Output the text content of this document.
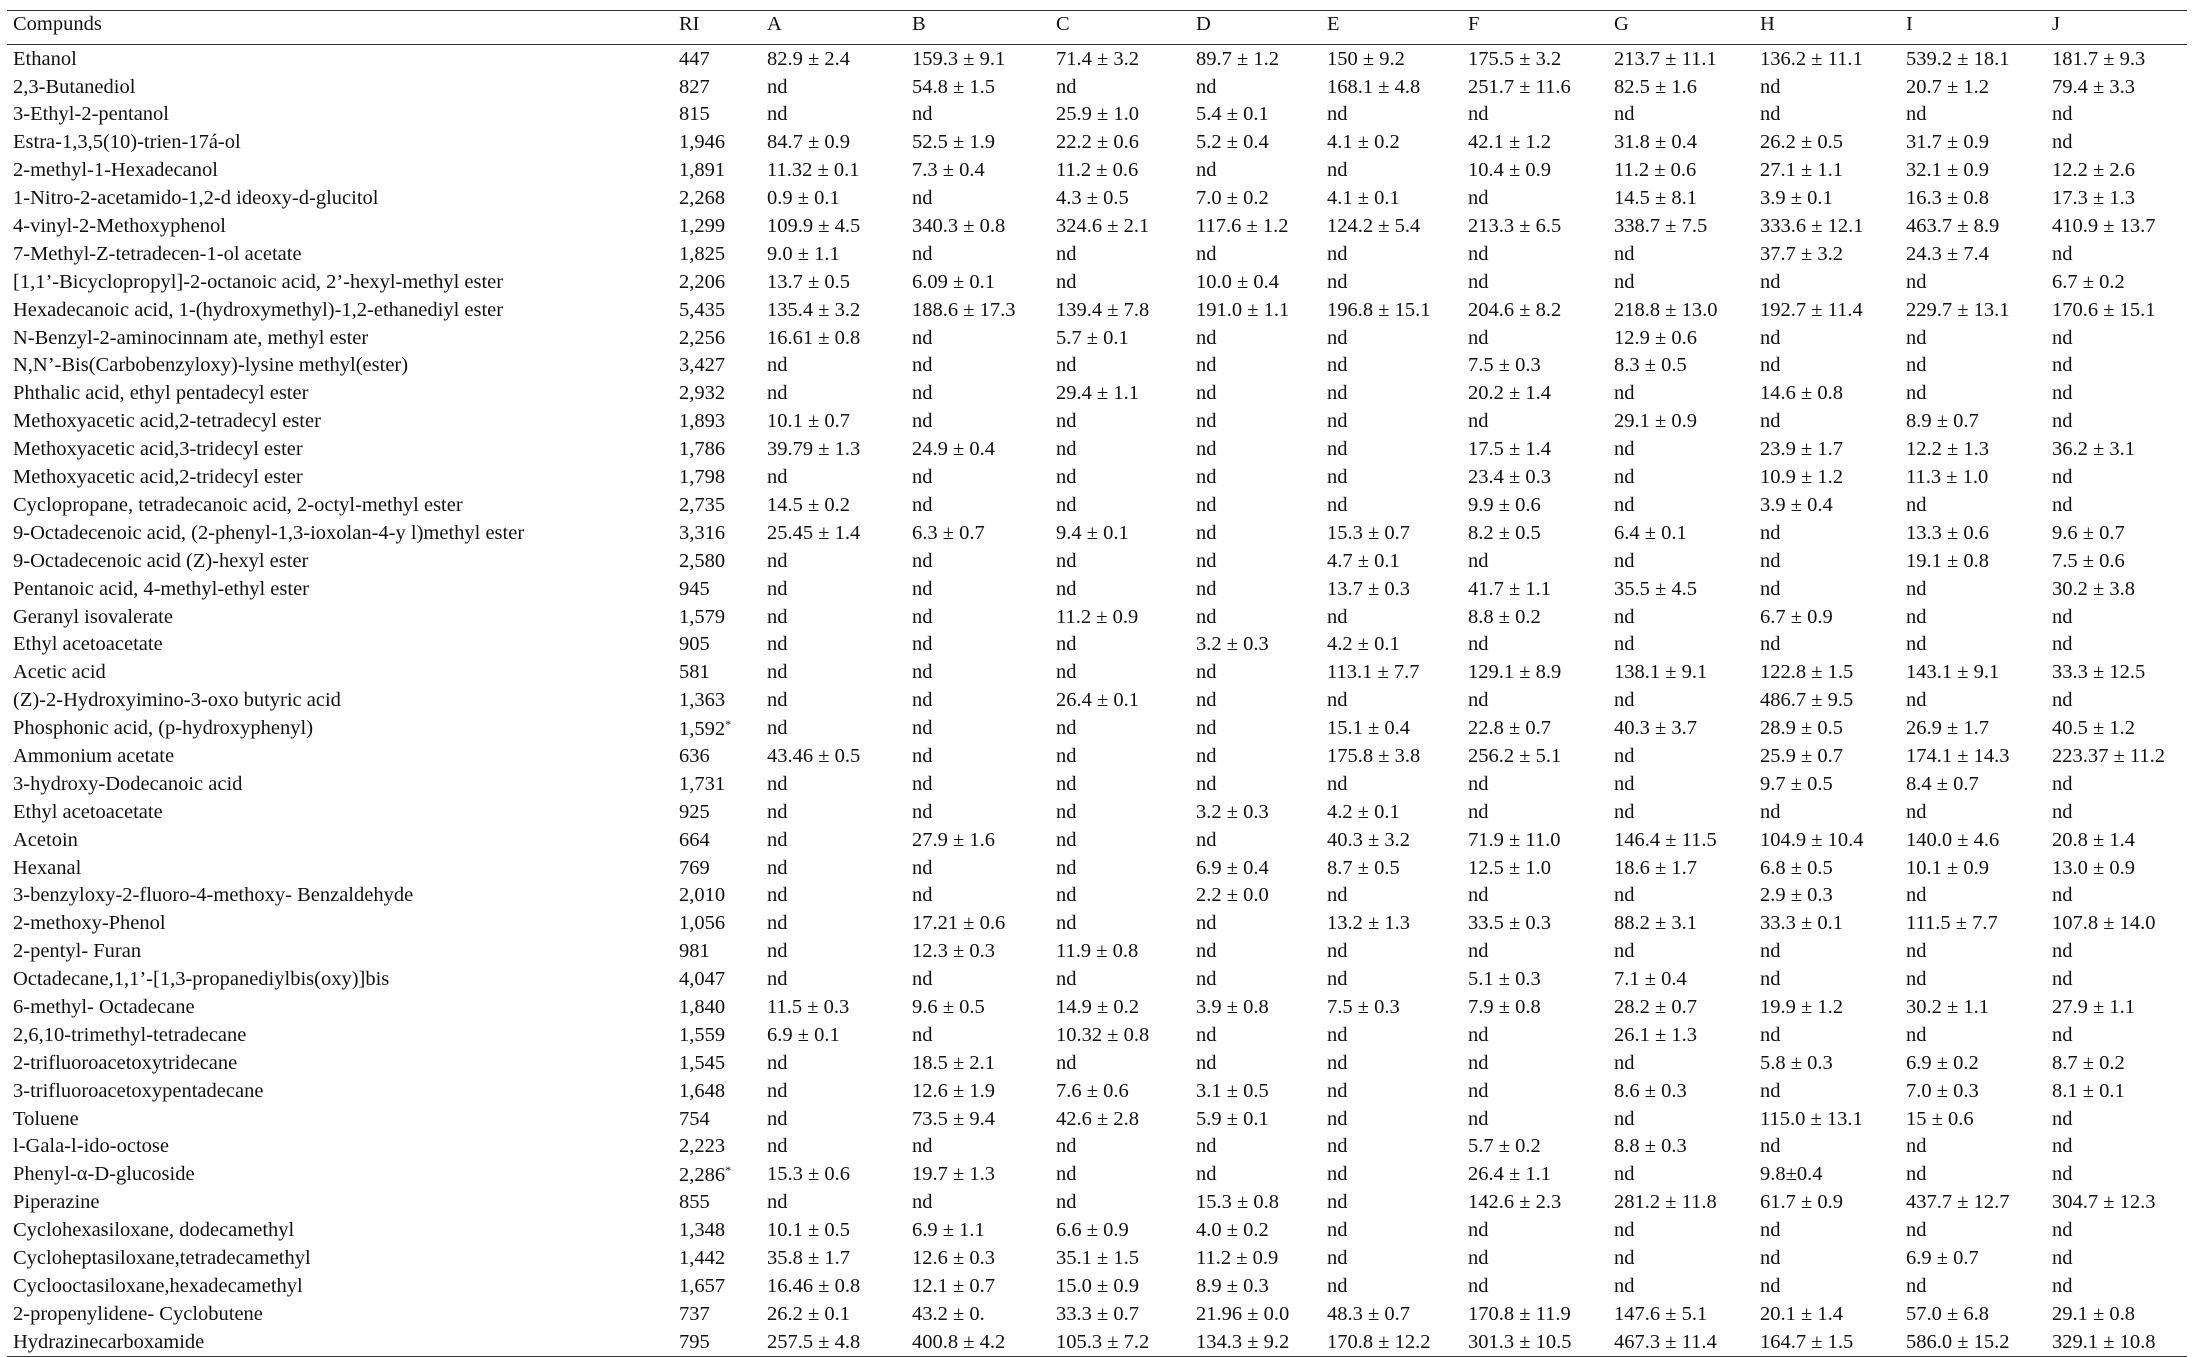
Compunds	RI	A	B	C	D	E	F	G	H	I	J
Ethanol	447	82.9 ± 2.4	159.3 ± 9.1	71.4 ± 3.2	89.7 ± 1.2	150 ± 9.2	175.5 ± 3.2	213.7 ± 11.1	136.2 ± 11.1	539.2 ± 18.1	181.7 ± 9.3
2,3-Butanediol	827	nd	54.8 ± 1.5	nd	nd	168.1 ± 4.8	251.7 ± 11.6	82.5 ± 1.6	nd	20.7 ± 1.2	79.4 ± 3.3
3-Ethyl-2-pentanol	815	nd	nd	25.9 ± 1.0	5.4 ± 0.1	nd	nd	nd	nd	nd	nd
Estra-1,3,5(10)-trien-17á-ol	1,946	84.7 ± 0.9	52.5 ± 1.9	22.2 ± 0.6	5.2 ± 0.4	4.1 ± 0.2	42.1 ± 1.2	31.8 ± 0.4	26.2 ± 0.5	31.7 ± 0.9	nd
2-methyl-1-Hexadecanol	1,891	11.32 ± 0.1	7.3 ± 0.4	11.2 ± 0.6	nd	nd	10.4 ± 0.9	11.2 ± 0.6	27.1 ± 1.1	32.1 ± 0.9	12.2 ± 2.6
1-Nitro-2-acetamido-1,2-d ideoxy-d-glucitol	2,268	0.9 ± 0.1	nd	4.3 ± 0.5	7.0 ± 0.2	4.1 ± 0.1	nd	14.5 ± 8.1	3.9 ± 0.1	16.3 ± 0.8	17.3 ± 1.3
4-vinyl-2-Methoxyphenol	1,299	109.9 ± 4.5	340.3 ± 0.8	324.6 ± 2.1	117.6 ± 1.2	124.2 ± 5.4	213.3 ± 6.5	338.7 ± 7.5	333.6 ± 12.1	463.7 ± 8.9	410.9 ± 13.7
7-Methyl-Z-tetradecen-1-ol acetate	1,825	9.0 ± 1.1	nd	nd	nd	nd	nd	nd	37.7 ± 3.2	24.3 ± 7.4	nd
[1,1’-Bicyclopropyl]-2-octanoic acid, 2’-hexyl-methyl ester	2,206	13.7 ± 0.5	6.09 ± 0.1	nd	10.0 ± 0.4	nd	nd	nd	nd	nd	6.7 ± 0.2
Hexadecanoic acid, 1-(hydroxymethyl)-1,2-ethanediyl ester	5,435	135.4 ± 3.2	188.6 ± 17.3	139.4 ± 7.8	191.0 ± 1.1	196.8 ± 15.1	204.6 ± 8.2	218.8 ± 13.0	192.7 ± 11.4	229.7 ± 13.1	170.6 ± 15.1
N-Benzyl-2-aminocinnam ate, methyl ester	2,256	16.61 ± 0.8	nd	5.7 ± 0.1	nd	nd	nd	12.9 ± 0.6	nd	nd	nd
N,N’-Bis(Carbobenzyloxy)-lysine methyl(ester)	3,427	nd	nd	nd	nd	nd	7.5 ± 0.3	8.3 ± 0.5	nd	nd	nd
Phthalic acid, ethyl pentadecyl ester	2,932	nd	nd	29.4 ± 1.1	nd	nd	20.2 ± 1.4	nd	14.6 ± 0.8	nd	nd
Methoxyacetic acid,2-tetradecyl ester	1,893	10.1 ± 0.7	nd	nd	nd	nd	nd	29.1 ± 0.9	nd	8.9 ± 0.7	nd
Methoxyacetic acid,3-tridecyl ester	1,786	39.79 ± 1.3	24.9 ± 0.4	nd	nd	nd	17.5 ± 1.4	nd	23.9 ± 1.7	12.2 ± 1.3	36.2 ± 3.1
Methoxyacetic acid,2-tridecyl ester	1,798	nd	nd	nd	nd	nd	23.4 ± 0.3	nd	10.9 ± 1.2	11.3 ± 1.0	nd
Cyclopropane, tetradecanoic acid, 2-octyl-methyl ester	2,735	14.5 ± 0.2	nd	nd	nd	nd	9.9 ± 0.6	nd	3.9 ± 0.4	nd	nd
9-Octadecenoic acid, (2-phenyl-1,3-ioxolan-4-y l)methyl ester	3,316	25.45 ± 1.4	6.3 ± 0.7	9.4 ± 0.1	nd	15.3 ± 0.7	8.2 ± 0.5	6.4 ± 0.1	nd	13.3 ± 0.6	9.6 ± 0.7
9-Octadecenoic acid (Z)-hexyl ester	2,580	nd	nd	nd	nd	4.7 ± 0.1	nd	nd	nd	19.1 ± 0.8	7.5 ± 0.6
Pentanoic acid, 4-methyl-ethyl ester	945	nd	nd	nd	nd	13.7 ± 0.3	41.7 ± 1.1	35.5 ± 4.5	nd	nd	30.2 ± 3.8
Geranyl isovalerate	1,579	nd	nd	11.2 ± 0.9	nd	nd	8.8 ± 0.2	nd	6.7 ± 0.9	nd	nd
Ethyl acetoacetate	905	nd	nd	nd	3.2 ± 0.3	4.2 ± 0.1	nd	nd	nd	nd	nd
Acetic acid	581	nd	nd	nd	nd	113.1 ± 7.7	129.1 ± 8.9	138.1 ± 9.1	122.8 ± 1.5	143.1 ± 9.1	33.3 ± 12.5
(Z)-2-Hydroxyimino-3-oxo butyric acid	1,363	nd	nd	26.4 ± 0.1	nd	nd	nd	nd	486.7 ± 9.5	nd	nd
Phosphonic acid, (p-hydroxyphenyl)	1,592*	nd	nd	nd	nd	15.1 ± 0.4	22.8 ± 0.7	40.3 ± 3.7	28.9 ± 0.5	26.9 ± 1.7	40.5 ± 1.2
Ammonium acetate	636	43.46 ± 0.5	nd	nd	nd	175.8 ± 3.8	256.2 ± 5.1	nd	25.9 ± 0.7	174.1 ± 14.3	223.37 ± 11.2
3-hydroxy-Dodecanoic acid	1,731	nd	nd	nd	nd	nd	nd	nd	9.7 ± 0.5	8.4 ± 0.7	nd
Ethyl acetoacetate	925	nd	nd	nd	3.2 ± 0.3	4.2 ± 0.1	nd	nd	nd	nd	nd
Acetoin	664	nd	27.9 ± 1.6	nd	nd	40.3 ± 3.2	71.9 ± 11.0	146.4 ± 11.5	104.9 ± 10.4	140.0 ± 4.6	20.8 ± 1.4
Hexanal	769	nd	nd	nd	6.9 ± 0.4	8.7 ± 0.5	12.5 ± 1.0	18.6 ± 1.7	6.8 ± 0.5	10.1 ± 0.9	13.0 ± 0.9
3-benzyloxy-2-fluoro-4-methoxy- Benzaldehyde	2,010	nd	nd	nd	2.2 ± 0.0	nd	nd	nd	2.9 ± 0.3	nd	nd
2-methoxy-Phenol	1,056	nd	17.21 ± 0.6	nd	nd	13.2 ± 1.3	33.5 ± 0.3	88.2 ± 3.1	33.3 ± 0.1	111.5 ± 7.7	107.8 ± 14.0
2-pentyl- Furan	981	nd	12.3 ± 0.3	11.9 ± 0.8	nd	nd	nd	nd	nd	nd	nd
Octadecane,1,1’-[1,3-propanediylbis(oxy)]bis	4,047	nd	nd	nd	nd	nd	5.1 ± 0.3	7.1 ± 0.4	nd	nd	nd
6-methyl- Octadecane	1,840	11.5 ± 0.3	9.6 ± 0.5	14.9 ± 0.2	3.9 ± 0.8	7.5 ± 0.3	7.9 ± 0.8	28.2 ± 0.7	19.9 ± 1.2	30.2 ± 1.1	27.9 ± 1.1
2,6,10-trimethyl-tetradecane	1,559	6.9 ± 0.1	nd	10.32 ± 0.8	nd	nd	nd	26.1 ± 1.3	nd	nd	nd
2-trifluoroacetoxytridecane	1,545	nd	18.5 ± 2.1	nd	nd	nd	nd	nd	5.8 ± 0.3	6.9 ± 0.2	8.7 ± 0.2
3-trifluoroacetoxypentadecane	1,648	nd	12.6 ± 1.9	7.6 ± 0.6	3.1 ± 0.5	nd	nd	8.6 ± 0.3	nd	7.0 ± 0.3	8.1 ± 0.1
Toluene	754	nd	73.5 ± 9.4	42.6 ± 2.8	5.9 ± 0.1	nd	nd	nd	115.0 ± 13.1	15 ± 0.6	nd
l-Gala-l-ido-octose	2,223	nd	nd	nd	nd	nd	5.7 ± 0.2	8.8 ± 0.3	nd	nd	nd
Phenyl-α-D-glucoside	2,286*	15.3 ± 0.6	19.7 ± 1.3	nd	nd	nd	26.4 ± 1.1	nd	9.8±0.4	nd	nd
Piperazine	855	nd	nd	nd	15.3 ± 0.8	nd	142.6 ± 2.3	281.2 ± 11.8	61.7 ± 0.9	437.7 ± 12.7	304.7 ± 12.3
Cyclohexasiloxane, dodecamethyl	1,348	10.1 ± 0.5	6.9 ± 1.1	6.6 ± 0.9	4.0 ± 0.2	nd	nd	nd	nd	nd	nd
Cycloheptasiloxane,tetradecamethyl	1,442	35.8 ± 1.7	12.6 ± 0.3	35.1 ± 1.5	11.2 ± 0.9	nd	nd	nd	nd	6.9 ± 0.7	nd
Cyclooctasiloxane,hexadecamethyl	1,657	16.46 ± 0.8	12.1 ± 0.7	15.0 ± 0.9	8.9 ± 0.3	nd	nd	nd	nd	nd	nd
2-propenylidene- Cyclobutene	737	26.2 ± 0.1	43.2 ± 0.	33.3 ± 0.7	21.96 ± 0.0	48.3 ± 0.7	170.8 ± 11.9	147.6 ± 5.1	20.1 ± 1.4	57.0 ± 6.8	29.1 ± 0.8
Hydrazinecarboxamide	795	257.5 ± 4.8	400.8 ± 4.2	105.3 ± 7.2	134.3 ± 9.2	170.8 ± 12.2	301.3 ± 10.5	467.3 ± 11.4	164.7 ± 1.5	586.0 ± 15.2	329.1 ± 10.8
